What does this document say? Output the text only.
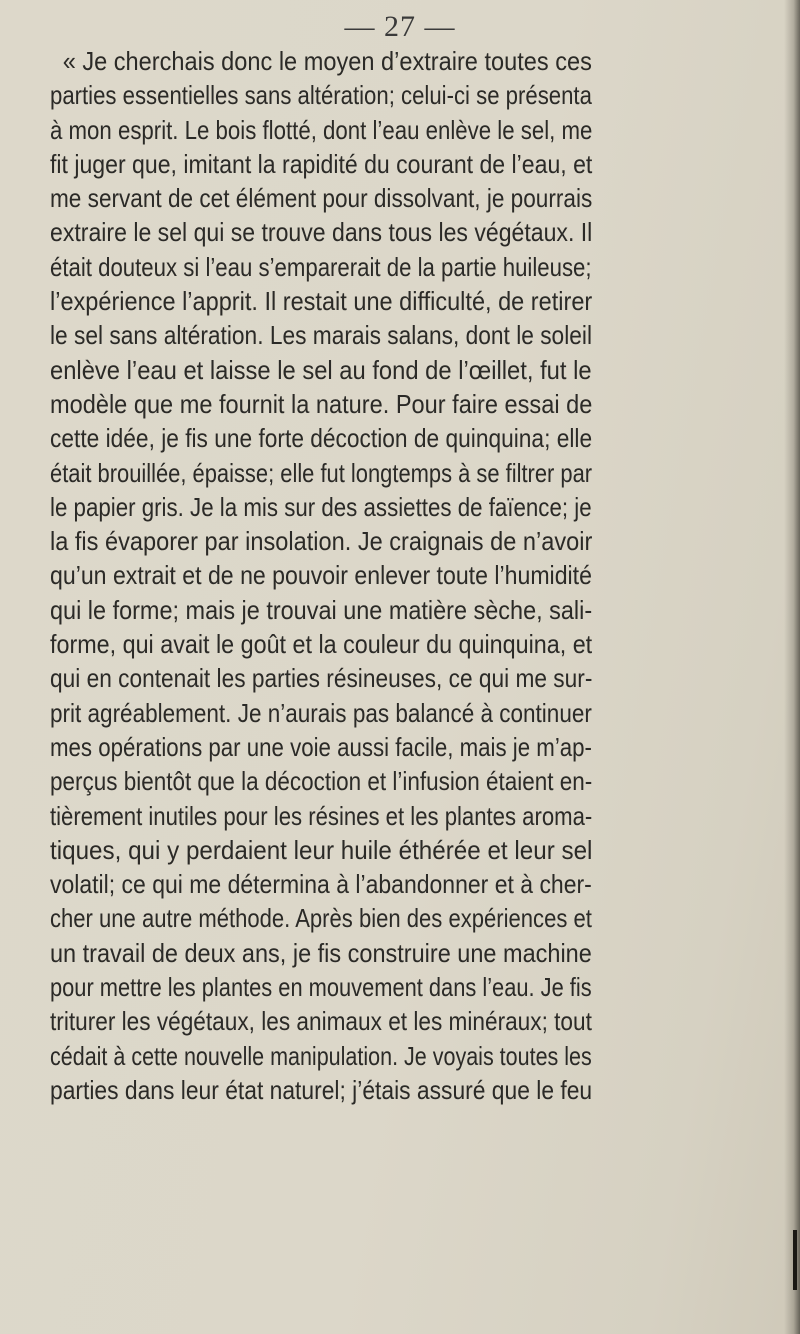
— 27 —
« Je cherchais donc le moyen d’extraire toutes ces
parties essentielles sans altération; celui-ci se présenta
à mon esprit. Le bois flotté, dont l’eau enlève le sel, me
fit juger que, imitant la rapidité du courant de l’eau, et
me servant de cet élément pour dissolvant, je pourrais
extraire le sel qui se trouve dans tous les végétaux. Il
était douteux si l’eau s’emparerait de la partie huileuse;
l’expérience l’apprit. Il restait une difficulté, de retirer
le sel sans altération. Les marais salans, dont le soleil
enlève l’eau et laisse le sel au fond de l’œillet, fut le
modèle que me fournit la nature. Pour faire essai de
cette idée, je fis une forte décoction de quinquina; elle
était brouillée, épaisse; elle fut longtemps à se filtrer par
le papier gris. Je la mis sur des assiettes de faïence; je
la fis évaporer par insolation. Je craignais de n’avoir
qu’un extrait et de ne pouvoir enlever toute l’humidité
qui le forme; mais je trouvai une matière sèche, sali-
forme, qui avait le goût et la couleur du quinquina, et
qui en contenait les parties résineuses, ce qui me sur-
prit agréablement. Je n’aurais pas balancé à continuer
mes opérations par une voie aussi facile, mais je m’ap-
perçus bientôt que la décoction et l’infusion étaient en-
tièrement inutiles pour les résines et les plantes aroma-
tiques, qui y perdaient leur huile éthérée et leur sel
volatil; ce qui me détermina à l’abandonner et à cher-
cher une autre méthode. Après bien des expériences et
un travail de deux ans, je fis construire une machine
pour mettre les plantes en mouvement dans l’eau. Je fis
triturer les végétaux, les animaux et les minéraux; tout
cédait à cette nouvelle manipulation. Je voyais toutes les
parties dans leur état naturel; j’étais assuré que le feu
